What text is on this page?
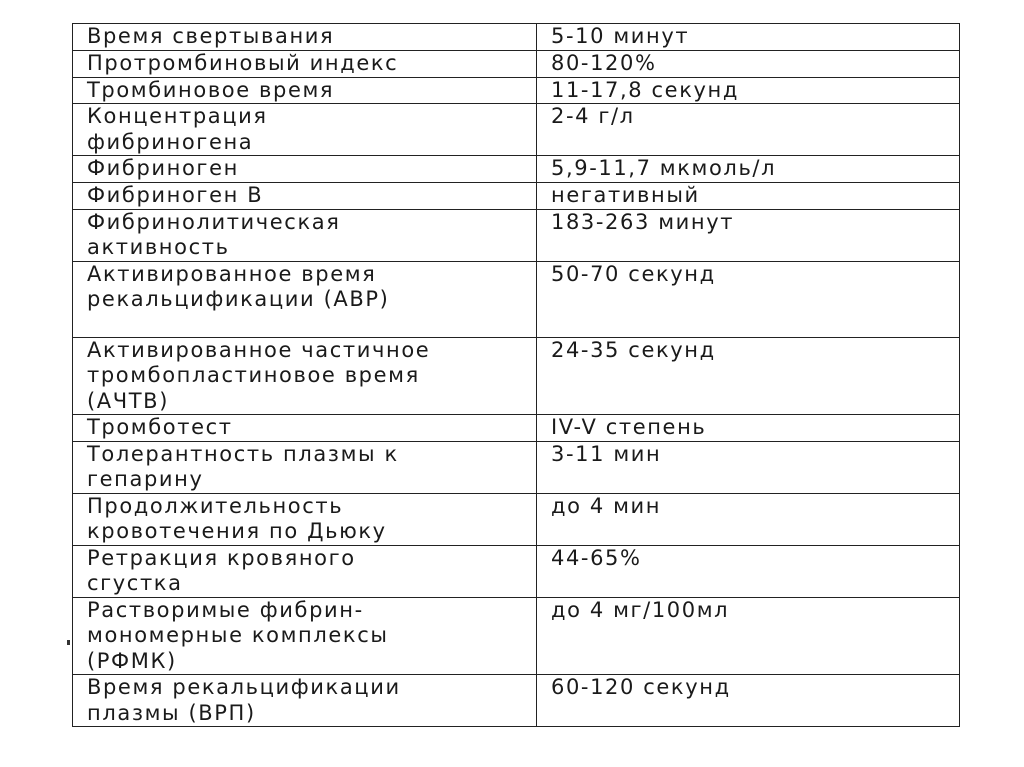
Время свертывания	5-10 минут
Протромбиновый индекс	80-120%
Тромбиновое время	11-17,8 секунд
Концентрация
фибриногена	2-4 г/л
Фибриноген	5,9-11,7 мкмоль/л
Фибриноген В	негативный
Фибринолитическая
активность	183-263 минут
Активированное время
рекальцификации (АВР)	50-70 секунд
Активированное частичное
тромбопластиновое время
(АЧТВ)	24-35 секунд
Тромботест	IV-V степень
Толерантность плазмы к
гепарину	3-11 мин
Продолжительность
кровотечения по Дьюку	до 4 мин
Ретракция кровяного
сгустка	44-65%
Растворимые фибрин-
мономерные комплексы
(РФМК)	до 4 мг/100мл
Время рекальцификации
плазмы (ВРП)	60-120 секунд
